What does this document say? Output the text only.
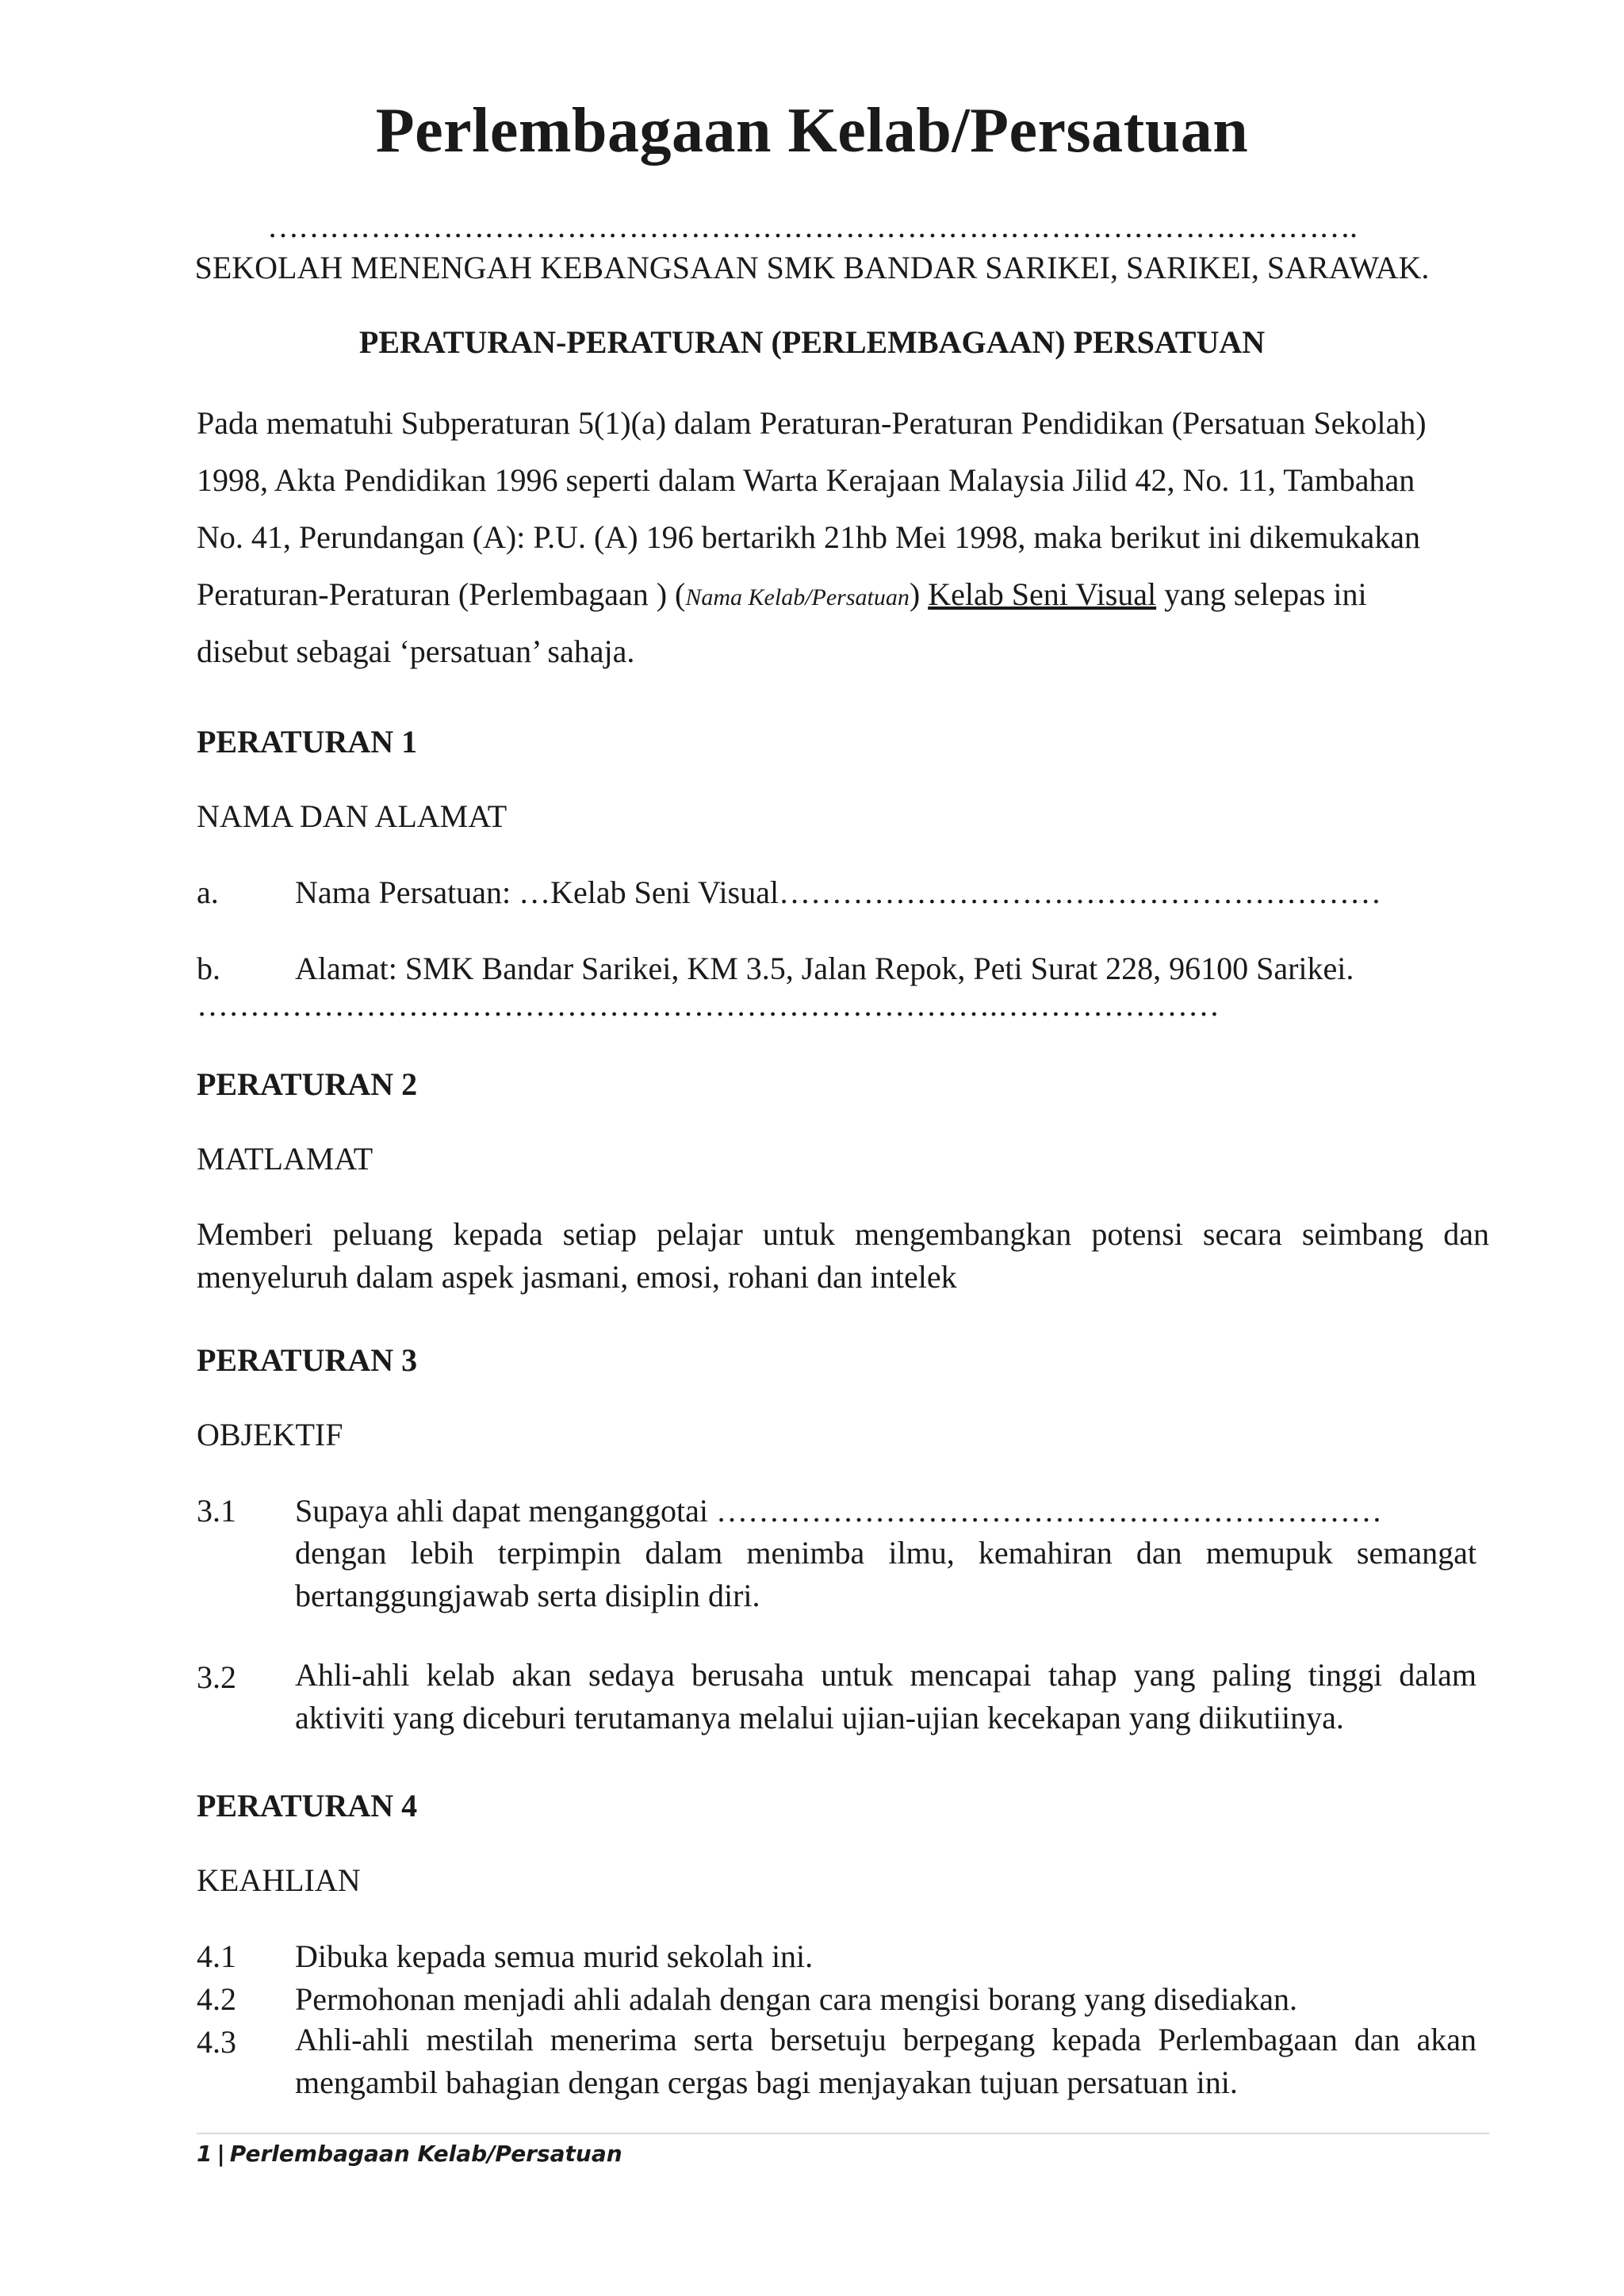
Perlembagaan Kelab/Persatuan
…………………………………………………………………………………………….
SEKOLAH MENENGAH KEBANGSAAN SMK BANDAR SARIKEI, SARIKEI, SARAWAK.
PERATURAN-PERATURAN (PERLEMBAGAAN) PERSATUAN
Pada mematuhi Subperaturan 5(1)(a) dalam Peraturan-Peraturan Pendidikan (Persatuan Sekolah)
1998, Akta Pendidikan 1996 seperti dalam Warta Kerajaan Malaysia Jilid 42, No. 11, Tambahan
No. 41, Perundangan (A): P.U. (A) 196 bertarikh 21hb Mei 1998, maka berikut ini dikemukakan
Peraturan-Peraturan (Perlembagaan ) (Nama Kelab/Persatuan) Kelab Seni Visual yang selepas ini
disebut sebagai ‘persatuan’ sahaja.
PERATURAN 1
NAMA DAN ALAMAT
a. Nama Persatuan: …Kelab Seni Visual…………………………………………………
b. Alamat: SMK Bandar Sarikei, KM 3.5, Jalan Repok, Peti Surat 228, 96100 Sarikei.
………………………………………………………………….…………………
PERATURAN 2
MATLAMAT
Memberi peluang kepada setiap pelajar untuk mengembangkan potensi secara seimbang dan menyeluruh dalam aspek jasmani, emosi, rohani dan intelek
PERATURAN 3
OBJEKTIF
3.1 Supaya ahli dapat menganggotai ………………………………………………………
dengan lebih terpimpin dalam menimba ilmu, kemahiran dan memupuk semangat bertanggungjawab serta disiplin diri.
3.2 Ahli-ahli kelab akan sedaya berusaha untuk mencapai tahap yang paling tinggi dalam aktiviti yang diceburi terutamanya melalui ujian-ujian kecekapan yang diikutiinya.
PERATURAN 4
KEAHLIAN
4.1 Dibuka kepada semua murid sekolah ini.
4.2 Permohonan menjadi ahli adalah dengan cara mengisi borang yang disediakan.
4.3 Ahli-ahli mestilah menerima serta bersetuju berpegang kepada Perlembagaan dan akan mengambil bahagian dengan cergas bagi menjayakan tujuan persatuan ini.
1 | Perlembagaan Kelab/Persatuan
